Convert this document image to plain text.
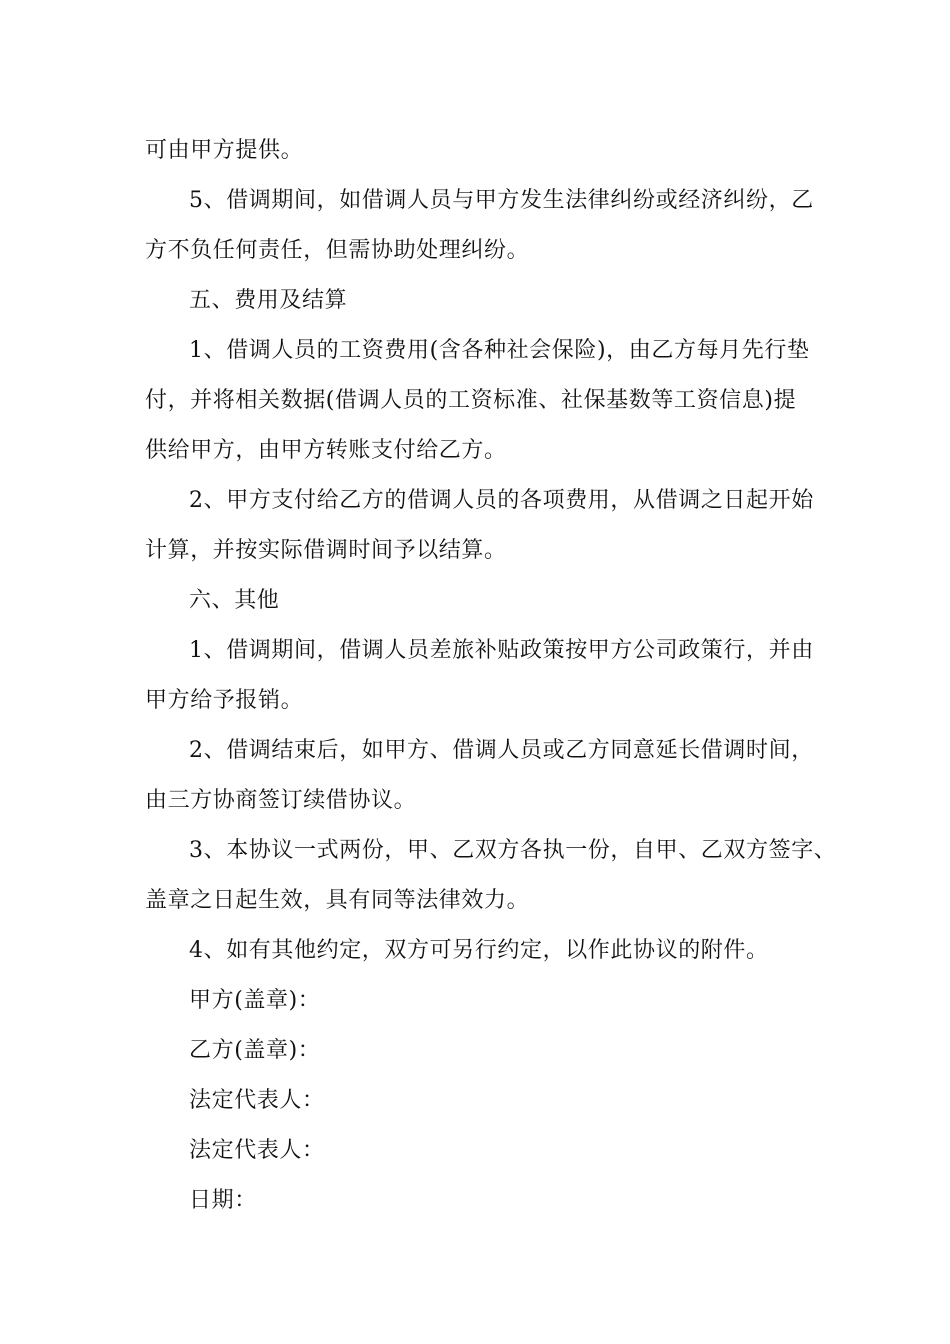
可由甲方提供。
5、借调期间，如借调人员与甲方发生法律纠纷或经济纠纷，乙
方不负任何责任，但需协助处理纠纷。
五、费用及结算
1、借调人员的工资费用(含各种社会保险)，由乙方每月先行垫
付，并将相关数据(借调人员的工资标准、社保基数等工资信息)提
供给甲方，由甲方转账支付给乙方。
2、甲方支付给乙方的借调人员的各项费用，从借调之日起开始
计算，并按实际借调时间予以结算。
六、其他
1、借调期间，借调人员差旅补贴政策按甲方公司政策行，并由
甲方给予报销。
2、借调结束后，如甲方、借调人员或乙方同意延长借调时间，
由三方协商签订续借协议。
3、本协议一式两份，甲、乙双方各执一份，自甲、乙双方签字、
盖章之日起生效，具有同等法律效力。
4、如有其他约定，双方可另行约定，以作此协议的附件。
甲方(盖章)：
乙方(盖章)：
法定代表人：
法定代表人：
日期：
